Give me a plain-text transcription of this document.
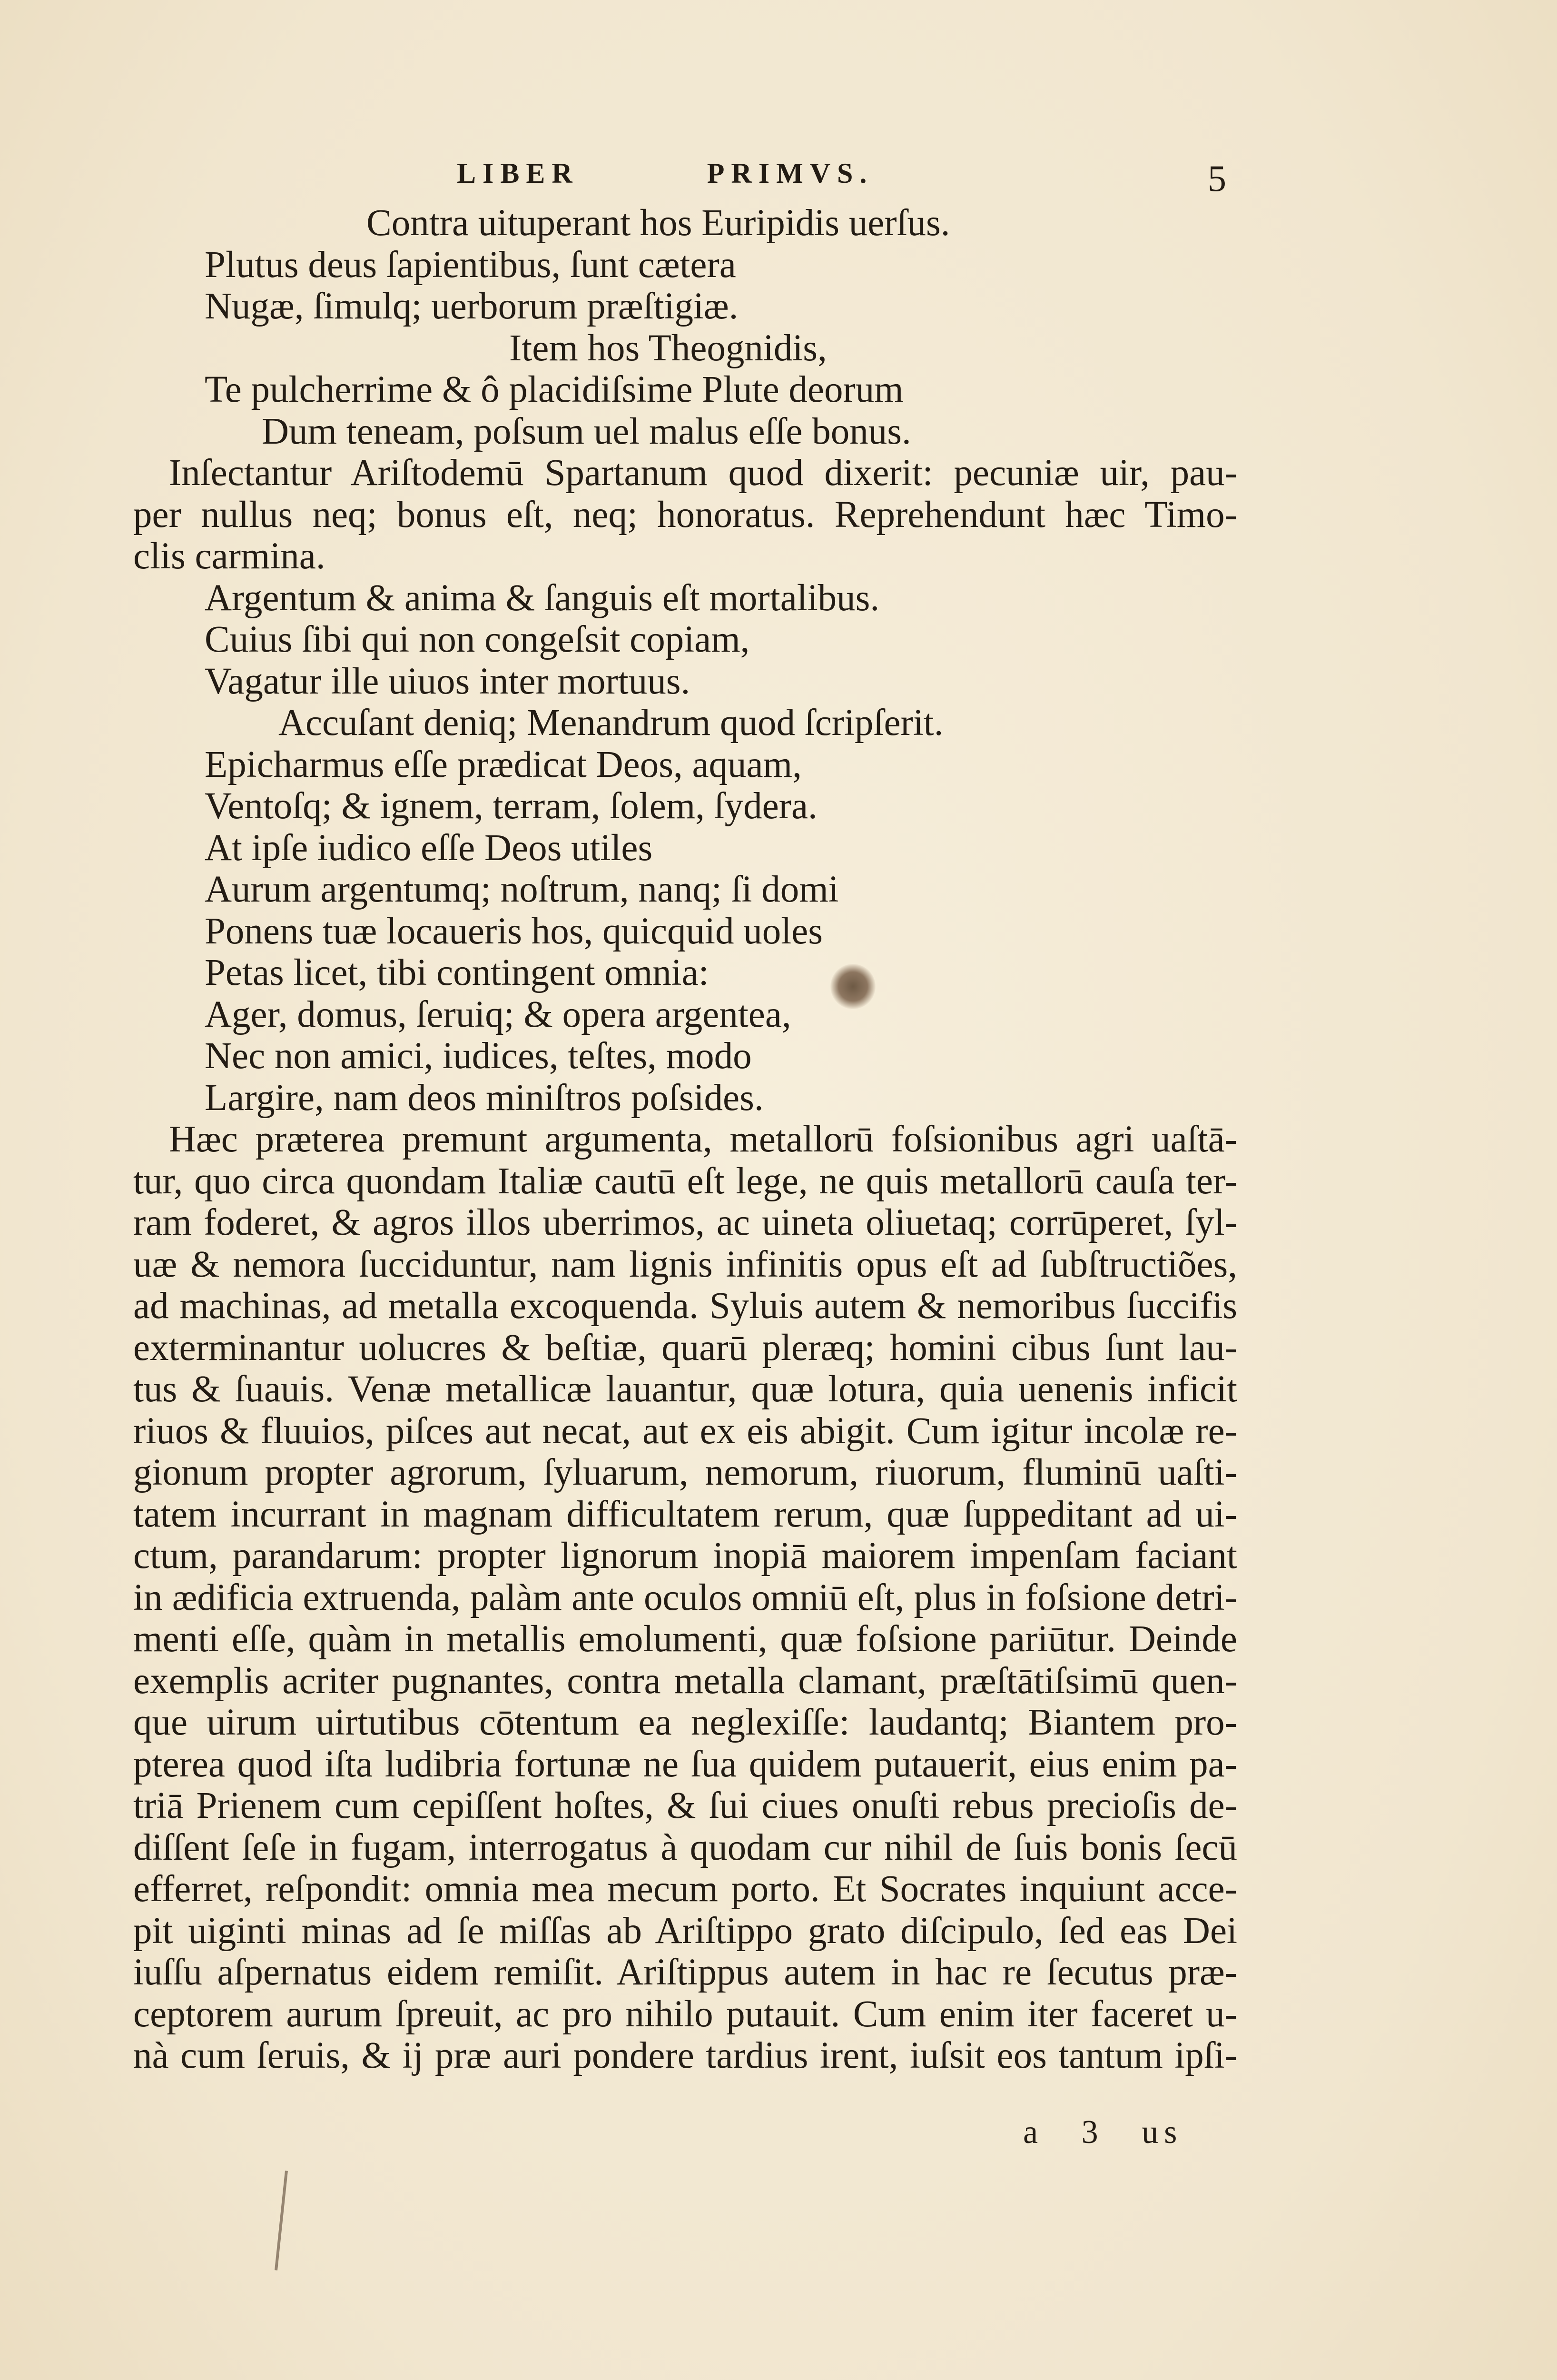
LIBER	PRIMVS.	5
Contra uituperant hos Euripidis uerſus.
Plutus deus ſapientibus, ſunt cætera
Nugæ, ſimulq; uerborum præſtigiæ.
Item hos Theognidis,
Te pulcherrime & ô placidiſsime Plute deorum
Dum teneam, poſsum uel malus eſſe bonus.
Inſectantur Ariſtodemū Spartanum quod dixerit: pecuniæ uir, pau-
per nullus neq; bonus eſt, neq; honoratus. Reprehendunt hæc Timo-
clis carmina.
Argentum & anima & ſanguis eſt mortalibus.
Cuius ſibi qui non congeſsit copiam,
Vagatur ille uiuos inter mortuus.
Accuſant deniq; Menandrum quod ſcripſerit.
Epicharmus eſſe prædicat Deos, aquam,
Ventoſq; & ignem, terram, ſolem, ſydera.
At ipſe iudico eſſe Deos utiles
Aurum argentumq; noſtrum, nanq; ſi domi
Ponens tuæ locaueris hos, quicquid uoles
Petas licet, tibi contingent omnia:
Ager, domus, ſeruiq; & opera argentea,
Nec non amici, iudices, teſtes, modo
Largire, nam deos miniſtros poſsides.
Hæc præterea premunt argumenta, metallorū foſsionibus agri uaſtā-
tur, quo circa quondam Italiæ cautū eſt lege, ne quis metallorū cauſa ter-
ram foderet, & agros illos uberrimos, ac uineta oliuetaq; corrūperet, ſyl-
uæ & nemora ſucciduntur, nam lignis infinitis opus eſt ad ſubſtructiões,
ad machinas, ad metalla excoquenda. Syluis autem & nemoribus ſuccifis
exterminantur uolucres & beſtiæ, quarū pleræq; homini cibus ſunt lau-
tus & ſuauis. Venæ metallicæ lauantur, quæ lotura, quia uenenis inficit
riuos & fluuios, piſces aut necat, aut ex eis abigit. Cum igitur incolæ re-
gionum propter agrorum, ſyluarum, nemorum, riuorum, fluminū uaſti-
tatem incurrant in magnam difficultatem rerum, quæ ſuppeditant ad ui-
ctum, parandarum: propter lignorum inopiā maiorem impenſam faciant
in ædificia extruenda, palàm ante oculos omniū eſt, plus in foſsione detri-
menti eſſe, quàm in metallis emolumenti, quæ foſsione pariūtur. Deinde
exemplis acriter pugnantes, contra metalla clamant, præſtātiſsimū quen-
que uirum uirtutibus cōtentum ea neglexiſſe: laudantq; Biantem pro-
pterea quod iſta ludibria fortunæ ne ſua quidem putauerit, eius enim pa-
triā Prienem cum cepiſſent hoſtes, & ſui ciues onuſti rebus precioſis de-
diſſent ſeſe in fugam, interrogatus à quodam cur nihil de ſuis bonis ſecū
efferret, reſpondit: omnia mea mecum porto. Et Socrates inquiunt acce-
pit uiginti minas ad ſe miſſas ab Ariſtippo grato diſcipulo, ſed eas Dei
iuſſu aſpernatus eidem remiſit. Ariſtippus autem in hac re ſecutus præ-
ceptorem aurum ſpreuit, ac pro nihilo putauit. Cum enim iter faceret u-
nà cum ſeruis, & ij præ auri pondere tardius irent, iuſsit eos tantum ipſi-
a 3 us
